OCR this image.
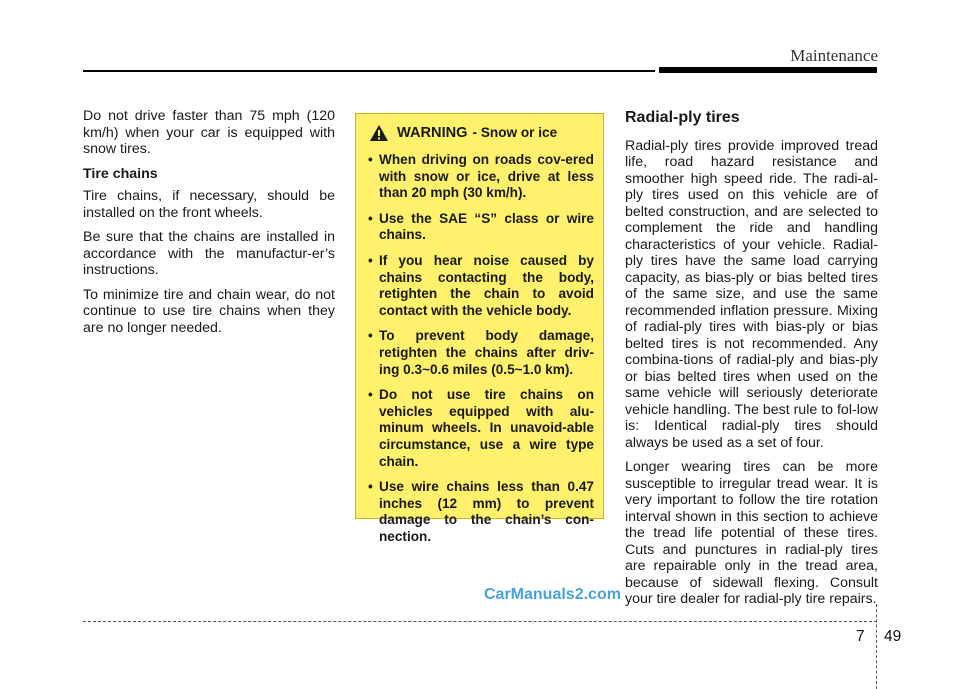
Maintenance

Do not drive faster than 75 mph (120 km/h) when your car is equipped with snow tires.

Tire chains

Tire chains, if necessary, should be installed on the front wheels.

Be sure that the chains are installed in accordance with the manufactur-er’s instructions.

To minimize tire and chain wear, do not continue to use tire chains when they are no longer needed.

WARNING - Snow or ice
• When driving on roads cov-ered with snow or ice, drive at less than 20 mph (30 km/h).
• Use the SAE “S” class or wire chains.
• If you hear noise caused by chains contacting the body, retighten the chain to avoid contact with the vehicle body.
• To prevent body damage, retighten the chains after driv-ing 0.3~0.6 miles (0.5~1.0 km).
• Do not use tire chains on vehicles equipped with alu-minum wheels. In unavoid-able circumstance, use a wire type chain.
• Use wire chains less than 0.47 inches (12 mm) to prevent damage to the chain’s con-nection.

Radial-ply tires

Radial-ply tires provide improved tread life, road hazard resistance and smoother high speed ride. The radi-al-ply tires used on this vehicle are of belted construction, and are selected to complement the ride and handling characteristics of your vehicle. Radial-ply tires have the same load carrying capacity, as bias-ply or bias belted tires of the same size, and use the same recommended inflation pressure. Mixing of radial-ply tires with bias-ply or bias belted tires is not recommended. Any combina-tions of radial-ply and bias-ply or bias belted tires when used on the same vehicle will seriously deteriorate vehicle handling. The best rule to fol-low is: Identical radial-ply tires should always be used as a set of four.

Longer wearing tires can be more susceptible to irregular tread wear. It is very important to follow the tire rotation interval shown in this section to achieve the tread life potential of these tires. Cuts and punctures in radial-ply tires are repairable only in the tread area, because of sidewall flexing. Consult your tire dealer for radial-ply tire repairs.

CarManuals2.com
7 49
